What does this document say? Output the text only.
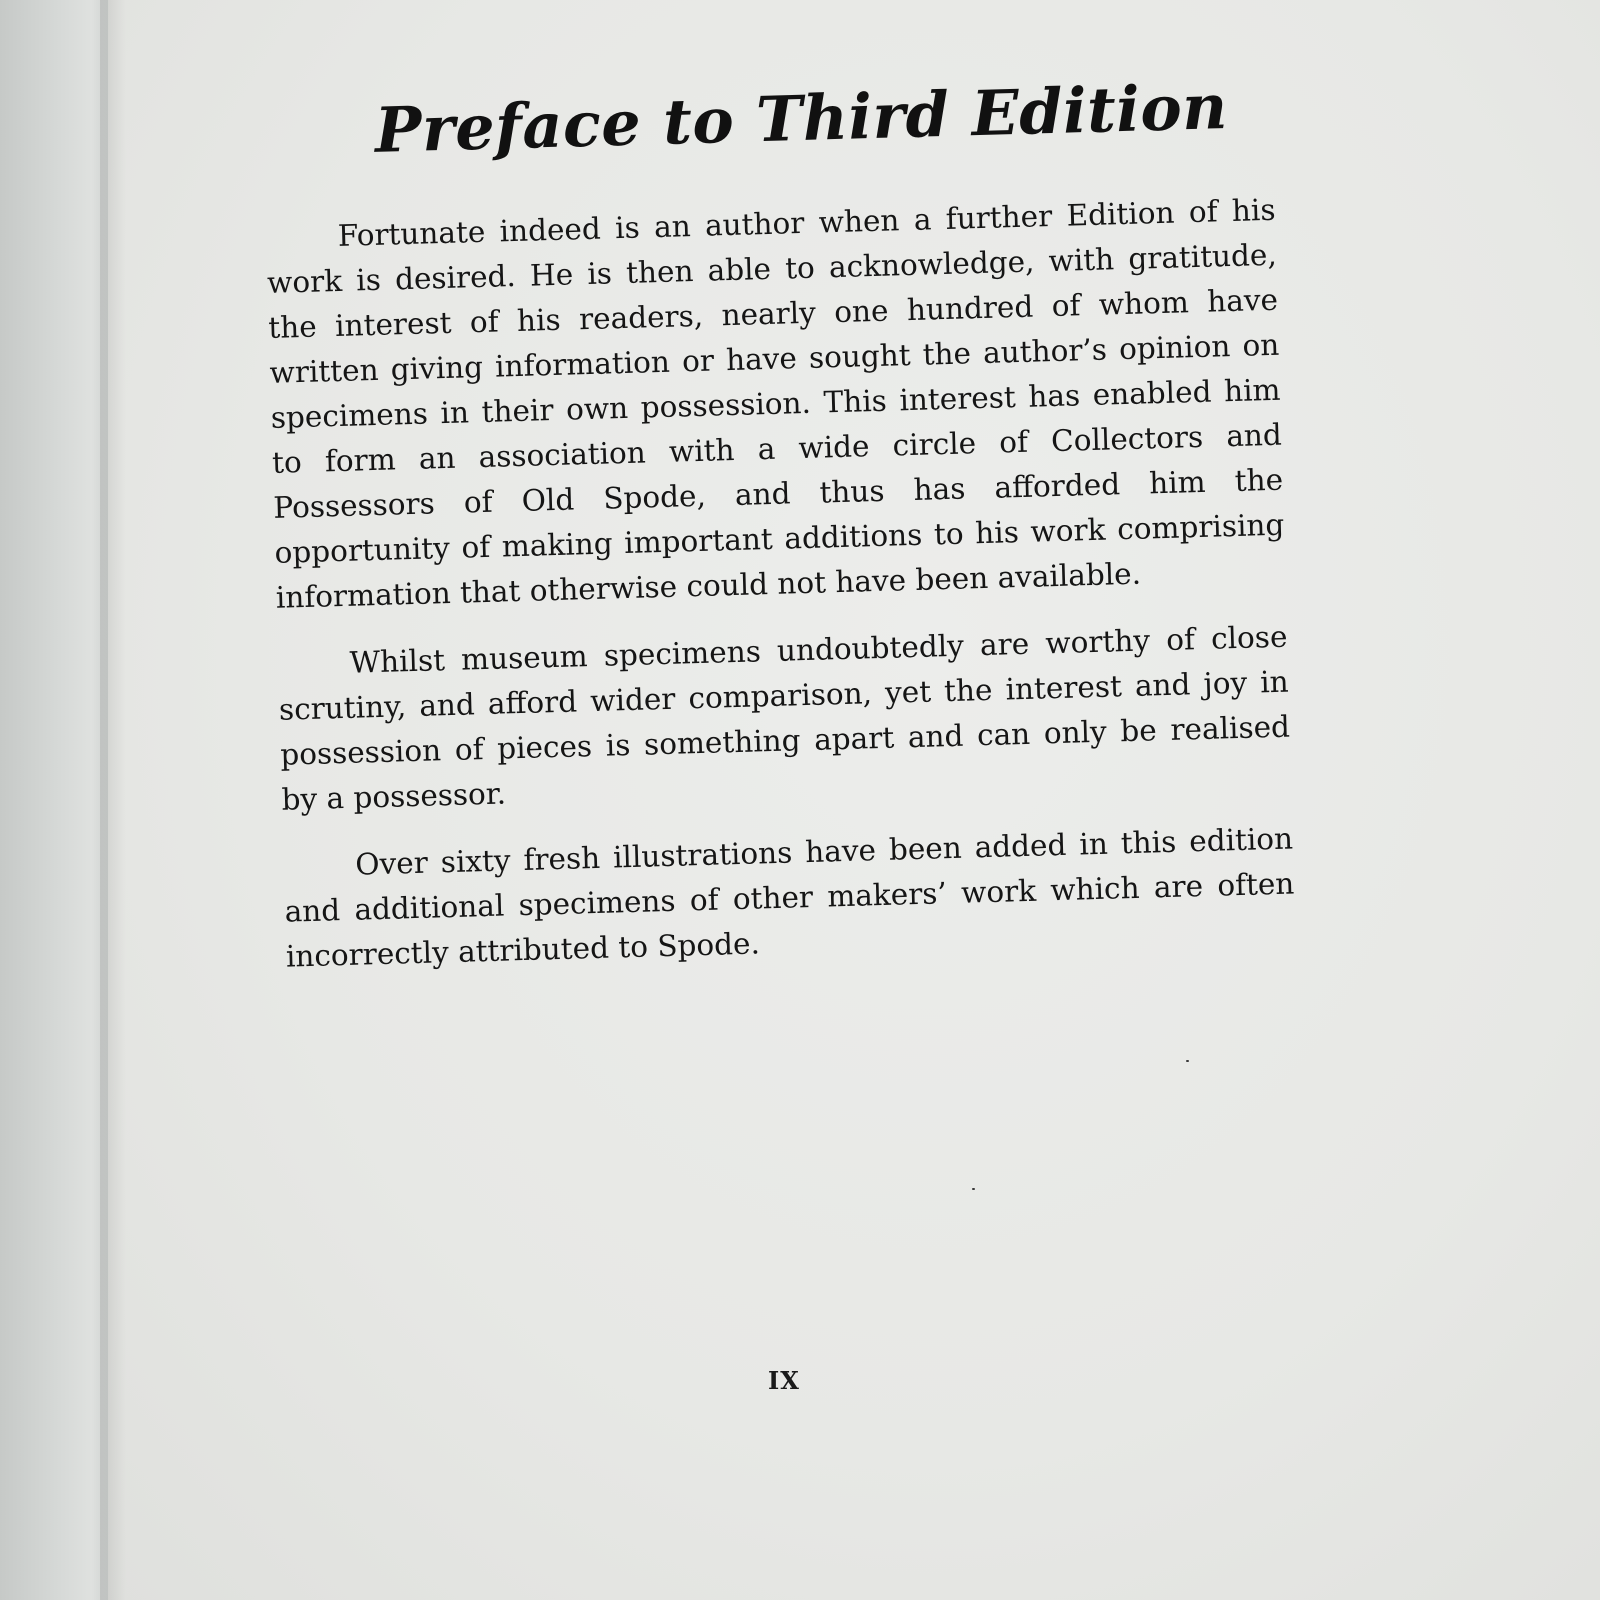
Preface to Third Edition

Fortunate indeed is an author when a further Edition of his work is desired. He is then able to acknowledge, with gratitude, the interest of his readers, nearly one hundred of whom have written giving information or have sought the author’s opinion on specimens in their own possession. This interest has enabled him to form an association with a wide circle of Collectors and Possessors of Old Spode, and thus has afforded him the opportunity of making important additions to his work comprising information that otherwise could not have been available.

Whilst museum specimens undoubtedly are worthy of close scrutiny, and afford wider comparison, yet the interest and joy in possession of pieces is something apart and can only be realised by a possessor.

Over sixty fresh illustrations have been added in this edition and additional specimens of other makers’ work which are often incorrectly attributed to Spode.

IX
